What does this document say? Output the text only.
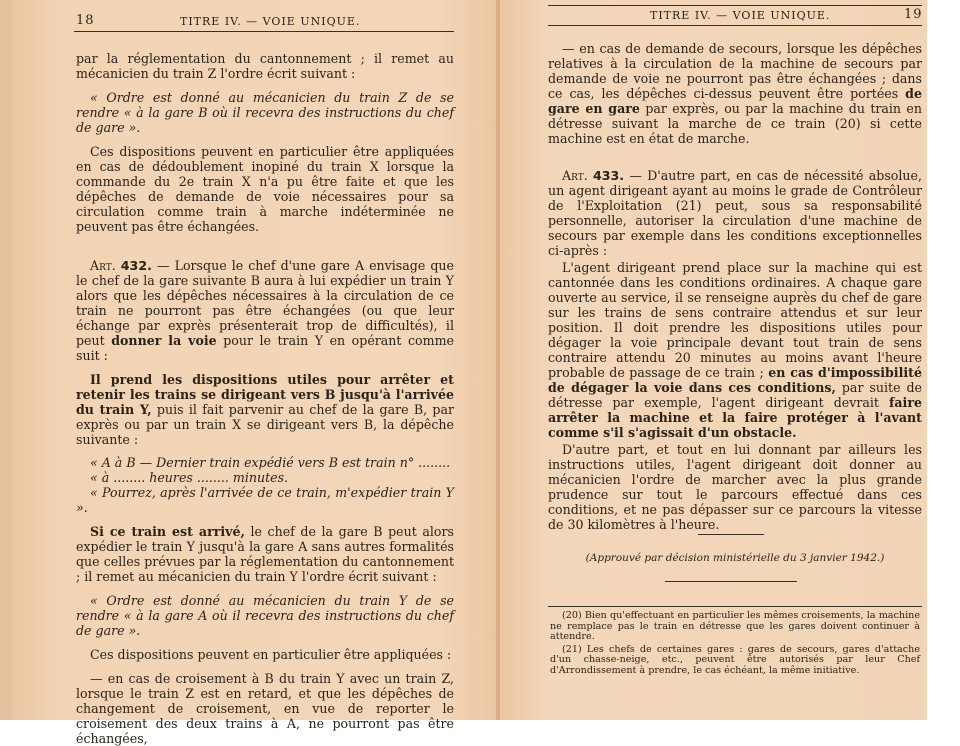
18	TITRE IV. — VOIE UNIQUE.

par la réglementation du cantonnement ; il remet au mécanicien du train Z l'ordre écrit suivant :

« Ordre est donné au mécanicien du train Z de se rendre « à la gare B où il recevra des instructions du chef de gare ».

Ces dispositions peuvent en particulier être appliquées en cas de dédoublement inopiné du train X lorsque la commande du 2e train X n'a pu être faite et que les dépêches de demande de voie nécessaires pour sa circulation comme train à marche indéterminée ne peuvent pas être échangées.

Art. 432. — Lorsque le chef d'une gare A envisage que le chef de la gare suivante B aura à lui expédier un train Y alors que les dépêches nécessaires à la circulation de ce train ne pourront pas être échangées (ou que leur échange par exprès présenterait trop de difficultés), il peut donner la voie pour le train Y en opérant comme suit :

Il prend les dispositions utiles pour arrêter et retenir les trains se dirigeant vers B jusqu'à l'arrivée du train Y, puis il fait parvenir au chef de la gare B, par exprès ou par un train X se dirigeant vers B, la dépêche suivante :

« A à B — Dernier train expédié vers B est train n° ........

« à ........ heures ........ minutes.

« Pourrez, après l'arrivée de ce train, m'expédier train Y ».

Si ce train est arrivé, le chef de la gare B peut alors expédier le train Y jusqu'à la gare A sans autres formalités que celles prévues par la réglementation du cantonnement ; il remet au mécanicien du train Y l'ordre écrit suivant :

« Ordre est donné au mécanicien du train Y de se rendre « à la gare A où il recevra des instructions du chef de gare ».

Ces dispositions peuvent en particulier être appliquées :

— en cas de croisement à B du train Y avec un train Z, lorsque le train Z est en retard, et que les dépêches de changement de croisement, en vue de reporter le croisement des deux trains à A, ne pourront pas être échangées,

TITRE IV. — VOIE UNIQUE.	19

— en cas de demande de secours, lorsque les dépêches relatives à la circulation de la machine de secours par demande de voie ne pourront pas être échangées ; dans ce cas, les dépêches ci-dessus peuvent être portées de gare en gare par exprès, ou par la machine du train en détresse suivant la marche de ce train (20) si cette machine est en état de marche.

Art. 433. — D'autre part, en cas de nécessité absolue, un agent dirigeant ayant au moins le grade de Contrôleur de l'Exploitation (21) peut, sous sa responsabilité personnelle, autoriser la circulation d'une machine de secours par exemple dans les conditions exceptionnelles ci-après :

L'agent dirigeant prend place sur la machine qui est cantonnée dans les conditions ordinaires. A chaque gare ouverte au service, il se renseigne auprès du chef de gare sur les trains de sens contraire attendus et sur leur position. Il doit prendre les dispositions utiles pour dégager la voie principale devant tout train de sens contraire attendu 20 minutes au moins avant l'heure probable de passage de ce train ; en cas d'impossibilité de dégager la voie dans ces conditions, par suite de détresse par exemple, l'agent dirigeant devrait faire arrêter la machine et la faire protéger à l'avant comme s'il s'agissait d'un obstacle.

D'autre part, et tout en lui donnant par ailleurs les instructions utiles, l'agent dirigeant doit donner au mécanicien l'ordre de marcher avec la plus grande prudence sur tout le parcours effectué dans ces conditions, et ne pas dépasser sur ce parcours la vitesse de 30 kilomètres à l'heure.

(Approuvé par décision ministérielle du 3 janvier 1942.)
(20) Bien qu'effectuant en particulier les mêmes croisements, la machine ne remplace pas le train en détresse que les gares doivent continuer à attendre.
(21) Les chefs de certaines gares : gares de secours, gares d'attache d'un chasse-neige, etc., peuvent être autorisés par leur Chef d'Arrondissement à prendre, le cas échéant, la même initiative.
